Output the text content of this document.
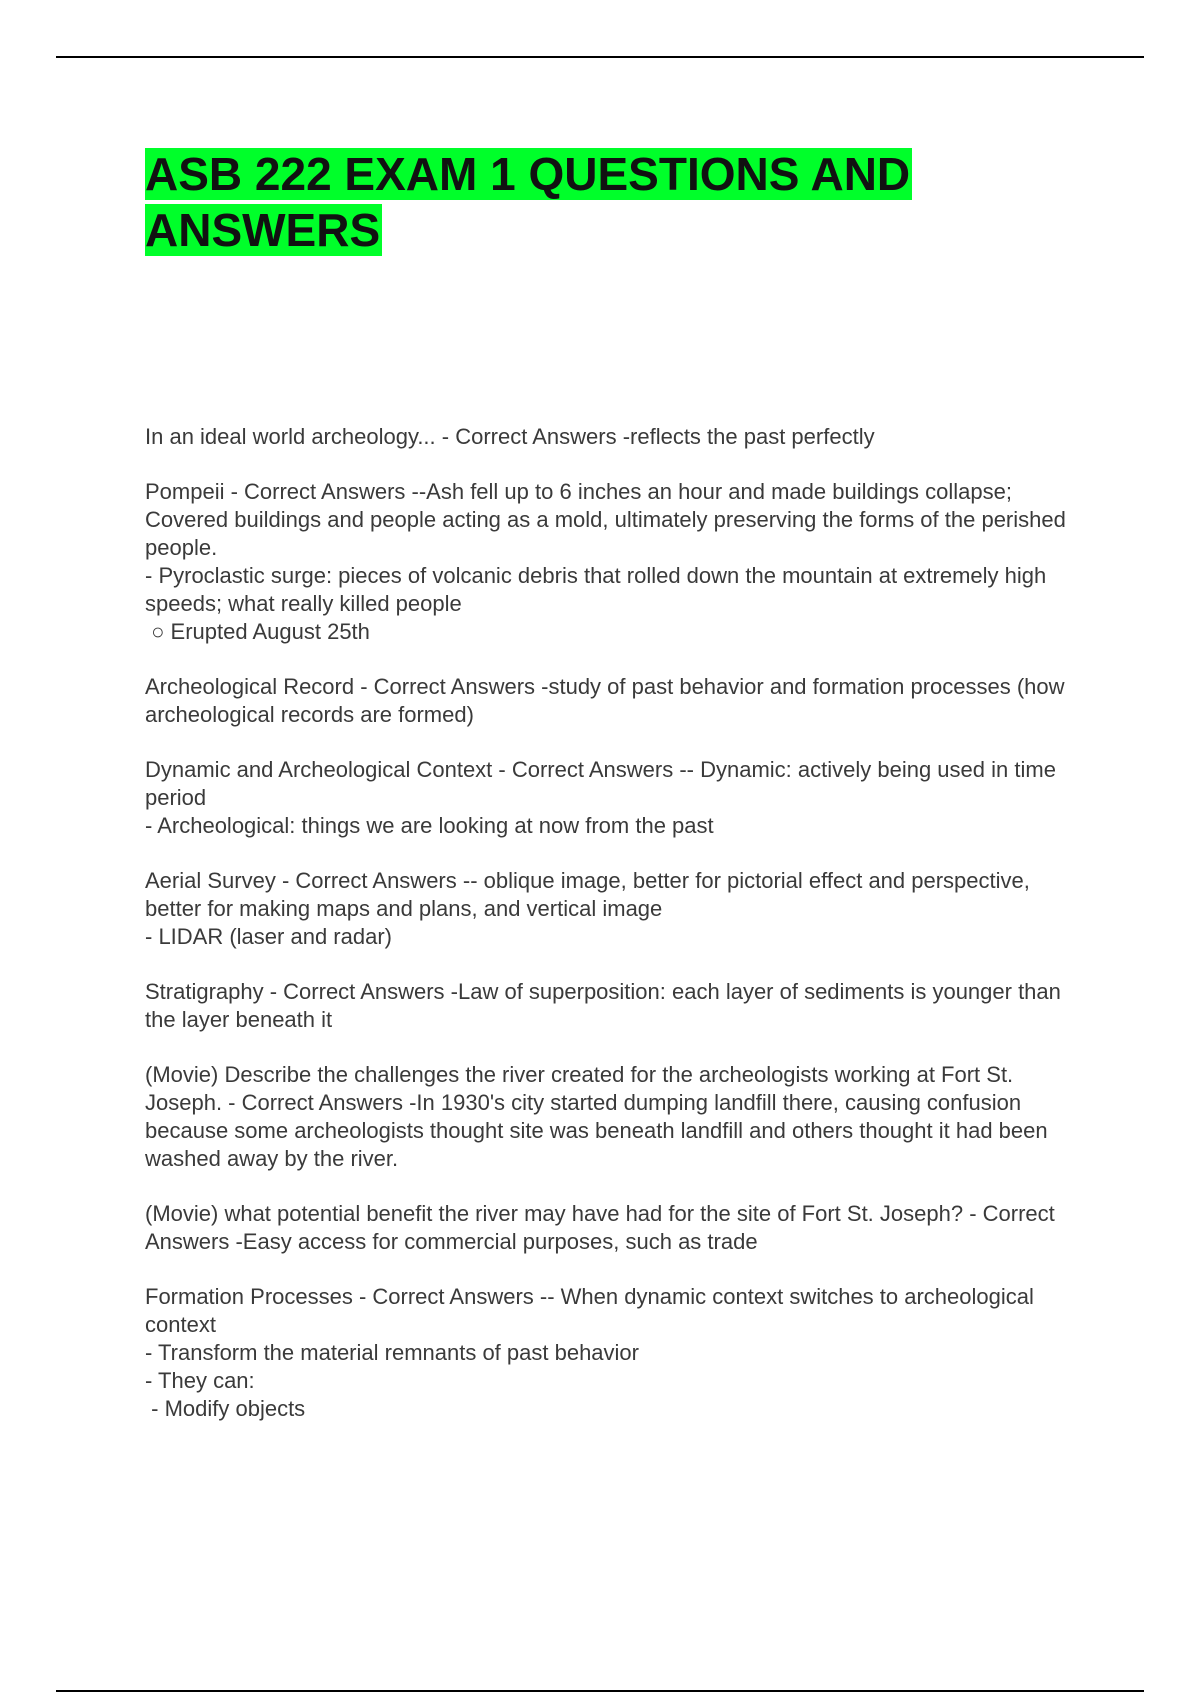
ASB 222 EXAM 1 QUESTIONS AND ANSWERS
In an ideal world archeology... - Correct Answers -reflects the past perfectly
Pompeii - Correct Answers --Ash fell up to 6 inches an hour and made buildings collapse; Covered buildings and people acting as a mold, ultimately preserving the forms of the perished people.
- Pyroclastic surge: pieces of volcanic debris that rolled down the mountain at extremely high speeds; what really killed people
○ Erupted August 25th
Archeological Record - Correct Answers -study of past behavior and formation processes (how archeological records are formed)
Dynamic and Archeological Context - Correct Answers -- Dynamic: actively being used in time period
- Archeological: things we are looking at now from the past
Aerial Survey - Correct Answers -- oblique image, better for pictorial effect and perspective, better for making maps and plans, and vertical image
- LIDAR (laser and radar)
Stratigraphy - Correct Answers -Law of superposition: each layer of sediments is younger than the layer beneath it
(Movie) Describe the challenges the river created for the archeologists working at Fort St. Joseph. - Correct Answers -In 1930's city started dumping landfill there, causing confusion because some archeologists thought site was beneath landfill and others thought it had been washed away by the river.
(Movie) what potential benefit the river may have had for the site of Fort St. Joseph? - Correct Answers -Easy access for commercial purposes, such as trade
Formation Processes - Correct Answers -- When dynamic context switches to archeological context
- Transform the material remnants of past behavior
- They can:
- Modify objects
